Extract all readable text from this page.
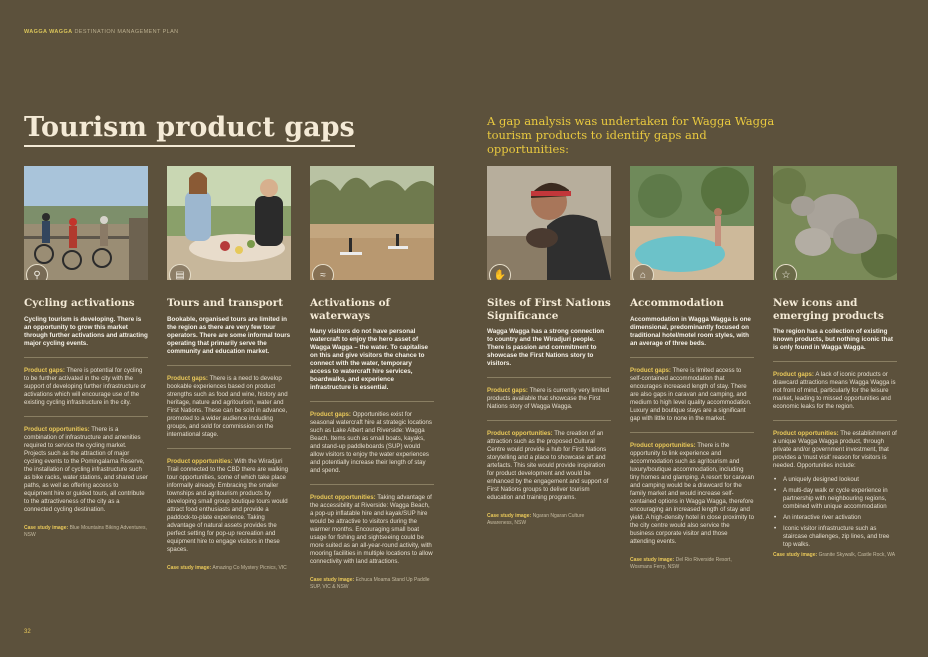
WAGGA WAGGA DESTINATION MANAGEMENT PLAN
Tourism product gaps	A gap analysis was undertaken for Wagga Wagga tourism products to identify gaps and opportunities:
⚲
Cycling activations

Cycling tourism is developing. There is an opportunity to grow this market through further activations and attracting major cycling events.

Product gaps: There is potential for cycling to be further activated in the city with the support of developing further infrastructure or activations which will encourage use of the existing cycling infrastructure in the city.

Product opportunities: There is a combination of infrastructure and amenities required to service the cycling market. Projects such as the attraction of major cycling events to the Pomingalarna Reserve, the installation of cycling infrastructure such as bike racks, water stations, and shared user paths, as well as offering access to equipment hire or guided tours, all contribute to the attractiveness of the city as a connected cycling destination.

Case study image: Blue Mountains Biking Adventures, NSW
▤
Tours and transport

Bookable, organised tours are limited in the region as there are very few tour operators. There are some informal tours operating that primarily serve the community and education market.

Product gaps: There is a need to develop bookable experiences based on product strengths such as food and wine, history and heritage, nature and agritourism, water and First Nations. These can be sold in advance, promoted to a wider audience including groups, and sold for commission on the international stage.

Product opportunities: With the Wiradjuri Trail connected to the CBD there are walking tour opportunities, some of which take place informally already. Embracing the smaller townships and agritourism products by developing small group boutique tours would attract food enthusiasts and provide a paddock-to-plate experience. Taking advantage of natural assets provides the perfect setting for pop-up recreation and equipment hire to engage visitors in these spaces.

Case study image: Amazing Co Mystery Picnics, VIC
≈
Activations of waterways

Many visitors do not have personal watercraft to enjoy the hero asset of Wagga Wagga – the water. To capitalise on this and give visitors the chance to connect with the water, temporary access to watercraft hire services, boardwalks, and experience infrastructure is essential.

Product gaps: Opportunities exist for seasonal watercraft hire at strategic locations such as Lake Albert and Riverside: Wagga Beach. Items such as small boats, kayaks, and stand-up paddleboards (SUP) would allow visitors to enjoy the water experiences and potentially increase their length of stay and spend.

Product opportunities: Taking advantage of the accessibility at Riverside: Wagga Beach, a pop-up inflatable hire and kayak/SUP hire would be attractive to visitors during the warmer months. Encouraging small boat usage for fishing and sightseeing could be more suited as an all-year-round activity, with mooring facilities in multiple locations to allow connectivity with land attractions.

Case study image: Echuca Moama Stand Up Paddle SUP, VIC & NSW
✋
Sites of First Nations Significance

Wagga Wagga has a strong connection to country and the Wiradjuri people. There is passion and commitment to showcase the First Nations story to visitors.

Product gaps: There is currently very limited products available that showcase the First Nations story of Wagga Wagga.

Product opportunities: The creation of an attraction such as the proposed Cultural Centre would provide a hub for First Nations storytelling and a place to showcase art and artefacts. This site would provide inspiration for product development and would be enhanced by the engagement and support of First Nations groups to deliver tourism education and training programs.

Case study image: Ngaran Ngaran Culture Awareness, NSW
⌂
Accommodation

Accommodation in Wagga Wagga is one dimensional, predominantly focused on traditional hotel/motel room styles, with an average of three beds.

Product gaps: There is limited access to self-contained accommodation that encourages increased length of stay. There are also gaps in caravan and camping, and medium to high level quality accommodation. Luxury and boutique stays are a significant gap with little to none in the market.

Product opportunities: There is the opportunity to link experience and accommodation such as agritourism and luxury/boutique accommodation, including tiny homes and glamping. A resort for caravan and camping would be a drawcard for the family market and would increase self-contained options in Wagga Wagga, therefore encouraging an increased length of stay and yield. A high-density hotel in close proximity to the city centre would also service the business corporate visitor and those attending events.

Case study image: Del Rio Riverside Resort, Wosmans Ferry, NSW
☆
New icons and emerging products

The region has a collection of existing known products, but nothing iconic that is only found in Wagga Wagga.

Product gaps: A lack of iconic products or drawcard attractions means Wagga Wagga is not front of mind, particularly for the leisure market, leading to missed opportunities and economic leaks for the region.

Product opportunities: The establishment of a unique Wagga Wagga product, through private and/or government investment, that provides a ‘must visit’ reason for visitors is needed. Opportunities include:

• A uniquely designed lookout
• A multi-day walk or cycle experience in partnership with neighbouring regions, combined with unique accommodation
• An interactive river activation
• Iconic visitor infrastructure such as staircase challenges, zip lines, and tree top walks.
Case study image: Granite Skywalk, Castle Rock, WA
32
